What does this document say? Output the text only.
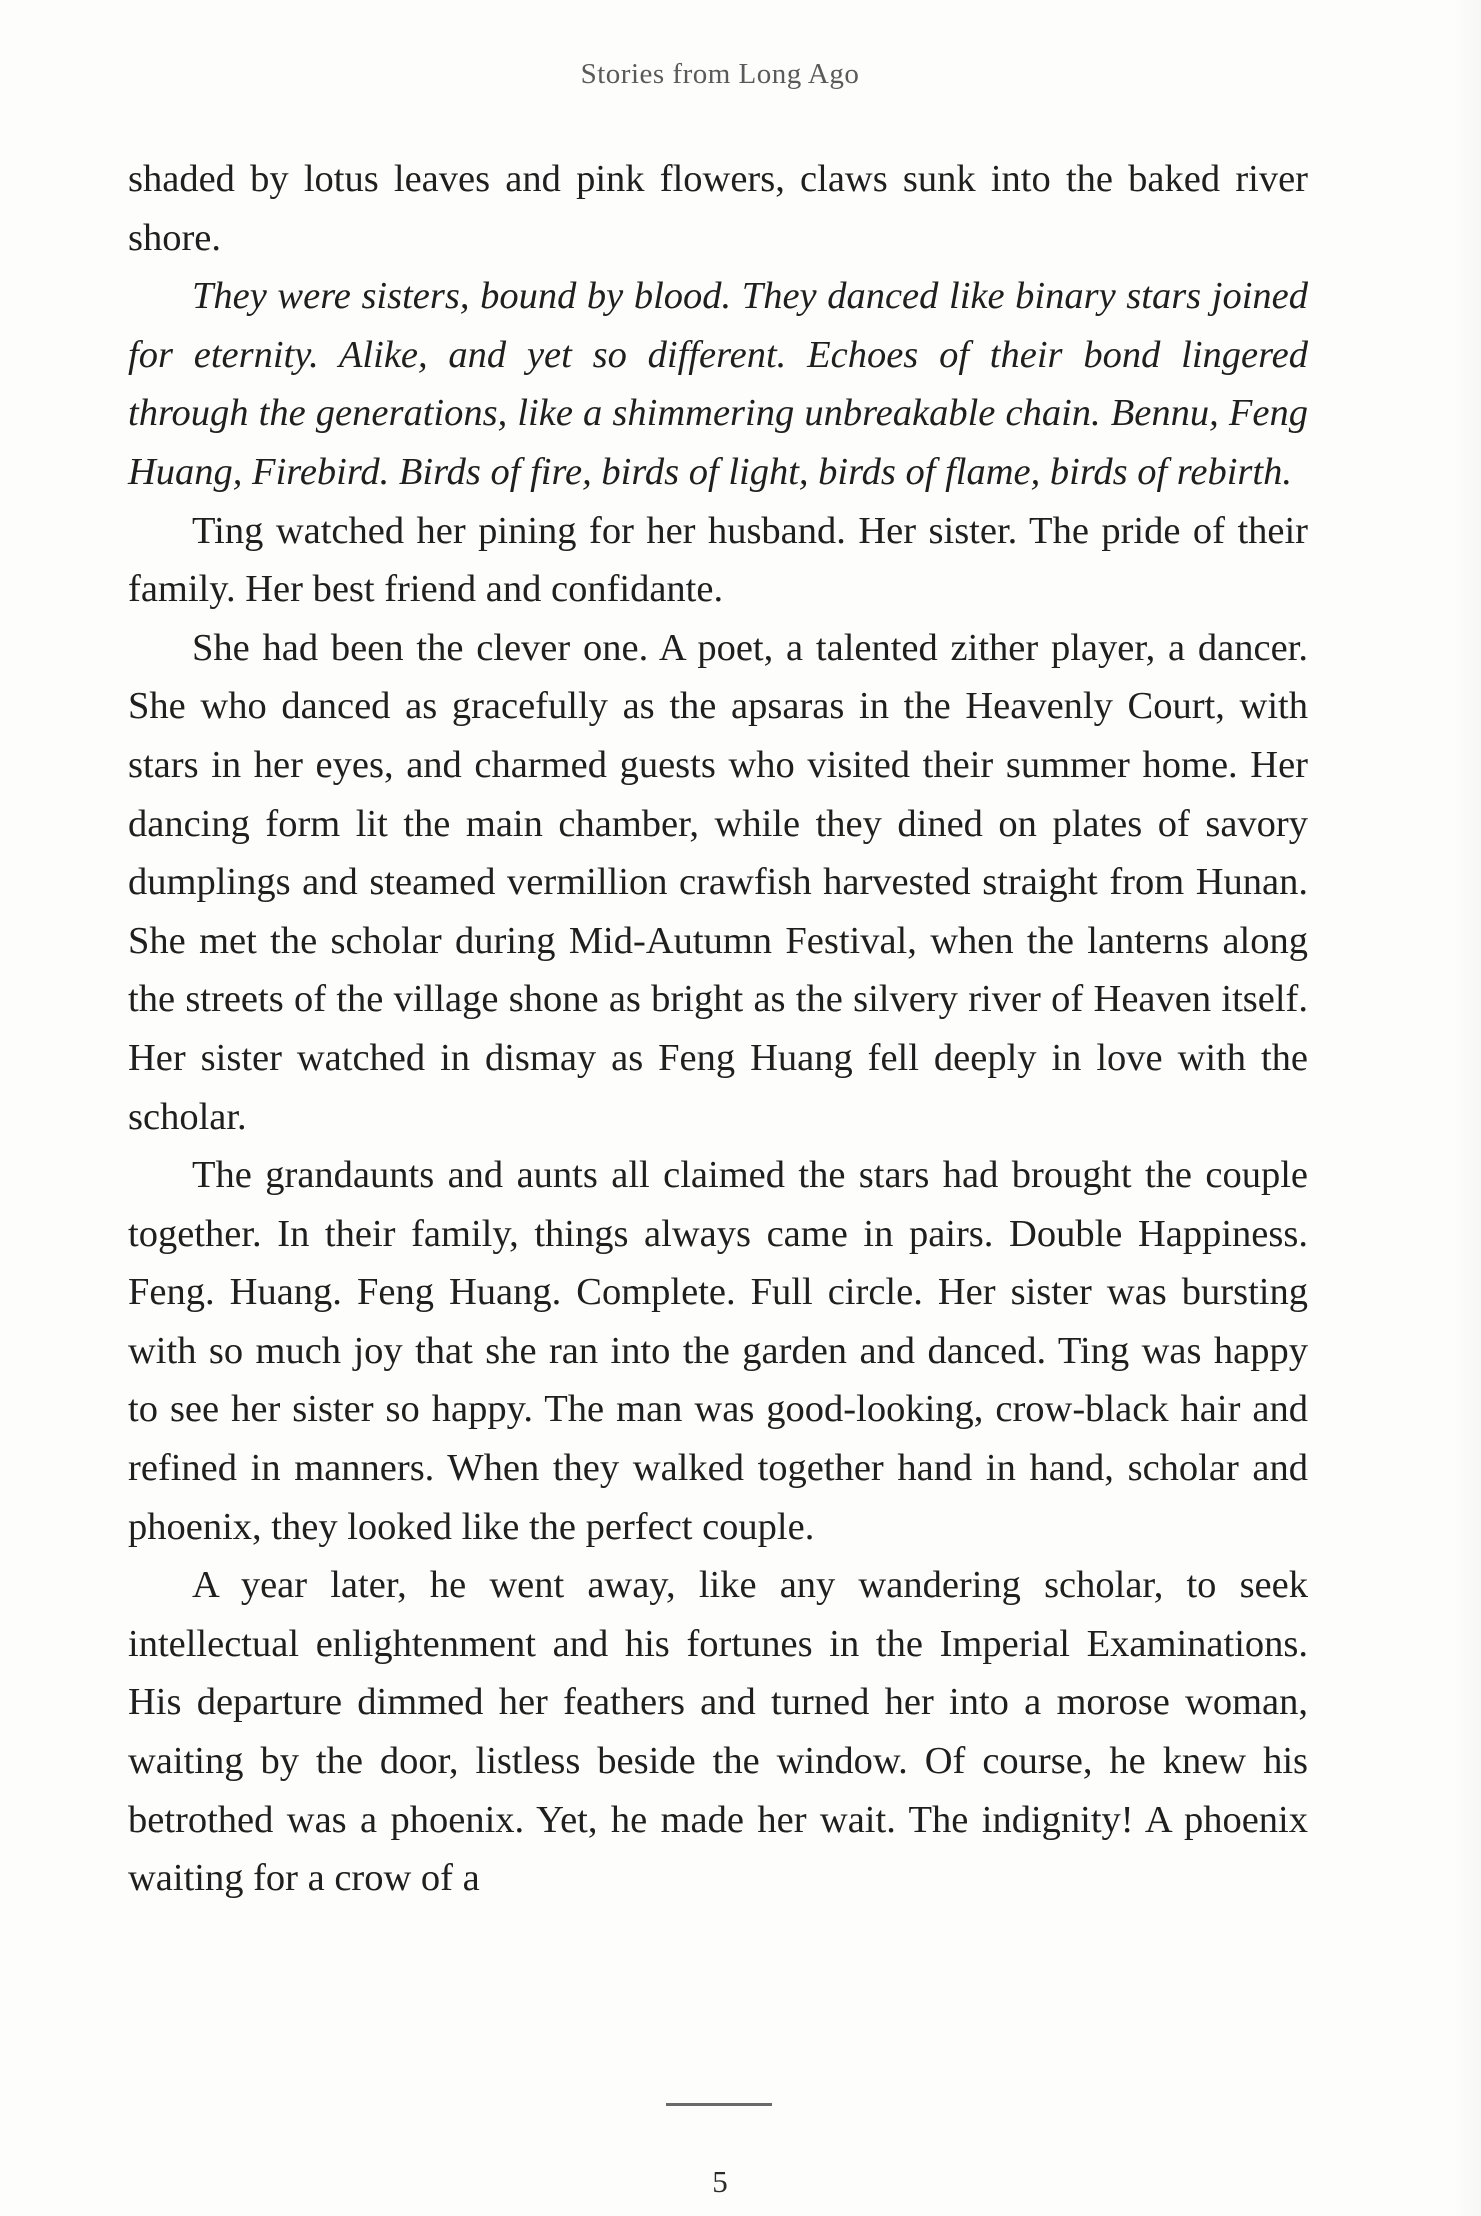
Stories from Long Ago

shaded by lotus leaves and pink flowers, claws sunk into the baked river shore.

They were sisters, bound by blood. They danced like binary stars joined for eternity. Alike, and yet so different. Echoes of their bond lingered through the generations, like a shimmering unbreakable chain. Bennu, Feng Huang, Firebird. Birds of fire, birds of light, birds of flame, birds of rebirth.

Ting watched her pining for her husband. Her sister. The pride of their family. Her best friend and confidante.

She had been the clever one. A poet, a talented zither player, a dancer. She who danced as gracefully as the apsaras in the Heavenly Court, with stars in her eyes, and charmed guests who visited their summer home. Her dancing form lit the main chamber, while they dined on plates of savory dumplings and steamed vermillion crawfish harvested straight from Hunan. She met the scholar during Mid-Autumn Festival, when the lanterns along the streets of the village shone as bright as the silvery river of Heaven itself. Her sister watched in dismay as Feng Huang fell deeply in love with the scholar.

The grandaunts and aunts all claimed the stars had brought the couple together. In their family, things always came in pairs. Double Happiness. Feng. Huang. Feng Huang. Complete. Full circle. Her sister was bursting with so much joy that she ran into the garden and danced. Ting was happy to see her sister so happy. The man was good-looking, crow-black hair and refined in manners. When they walked together hand in hand, scholar and phoenix, they looked like the perfect couple.

A year later, he went away, like any wandering scholar, to seek intellectual enlightenment and his fortunes in the Imperial Examinations. His departure dimmed her feathers and turned her into a morose woman, waiting by the door, listless beside the window. Of course, he knew his betrothed was a phoenix. Yet, he made her wait. The indignity! A phoenix waiting for a crow of a

5
